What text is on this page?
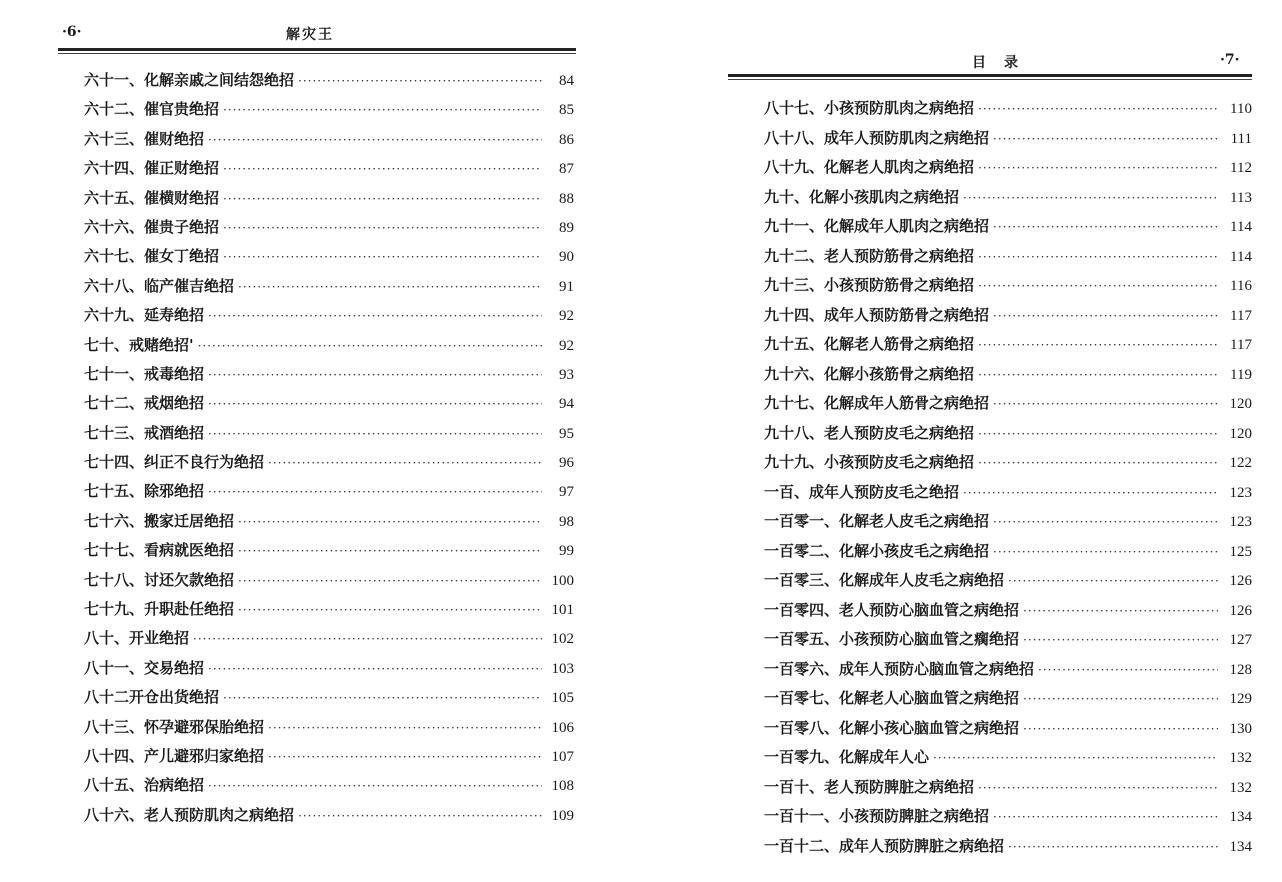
·6·	解灾王
六十一、化解亲戚之间结怨绝招 ·····	84
六十二、催官贵绝招 ·····	85
六十三、催财绝招 ·····	86
六十四、催正财绝招 ·····	87
六十五、催横财绝招 ·····	88
六十六、催贵子绝招 ·····	89
六十七、催女丁绝招 ·····	90
六十八、临产催吉绝招 ·····	91
六十九、延寿绝招 ·····	92
七十、戒赌绝招' ·····	92
七十一、戒毒绝招 ·····	93
七十二、戒烟绝招 ·····	94
七十三、戒酒绝招 ·····	95
七十四、纠正不良行为绝招 ·····	96
七十五、除邪绝招 ·····	97
七十六、搬家迁居绝招 ·····	98
七十七、看病就医绝招 ·····	99
七十八、讨还欠款绝招 ·····	100
七十九、升职赴任绝招 ·····	101
八十、开业绝招 ·····	102
八十一、交易绝招 ·····	103
八十二开仓出货绝招 ·····	105
八十三、怀孕避邪保胎绝招 ·····	106
八十四、产儿避邪归家绝招 ·····	107
八十五、治病绝招 ·····	108
八十六、老人预防肌肉之病绝招 ·····	109
目　录	·7·
八十七、小孩预防肌肉之病绝招 ·····	110
八十八、成年人预防肌肉之病绝招 ·····	111
八十九、化解老人肌肉之病绝招 ·····	112
九十、化解小孩肌肉之病绝招 ·····	113
九十一、化解成年人肌肉之病绝招 ·····	114
九十二、老人预防筋骨之病绝招 ·····	114
九十三、小孩预防筋骨之病绝招 ·····	116
九十四、成年人预防筋骨之病绝招 ·····	117
九十五、化解老人筋骨之病绝招 ·····	117
九十六、化解小孩筋骨之病绝招 ·····	119
九十七、化解成年人筋骨之病绝招 ·····	120
九十八、老人预防皮毛之病绝招 ·····	120
九十九、小孩预防皮毛之病绝招 ·····	122
一百、成年人预防皮毛之绝招 ·····	123
一百零一、化解老人皮毛之病绝招 ·····	123
一百零二、化解小孩皮毛之病绝招 ·····	125
一百零三、化解成年人皮毛之病绝招 ·····	126
一百零四、老人预防心脑血管之病绝招 ·····	126
一百零五、小孩预防心脑血管之瘸绝招 ·····	127
一百零六、成年人预防心脑血管之病绝招 ·····	128
一百零七、化解老人心脑血管之病绝招 ·····	129
一百零八、化解小孩心脑血管之病绝招 ·····	130
一百零九、化解成年人心 ·····	132
一百十、老人预防脾脏之病绝招 ·····	132
一百十一、小孩预防脾脏之病绝招 ·····	134
一百十二、成年人预防脾脏之病绝招 ·····	134
